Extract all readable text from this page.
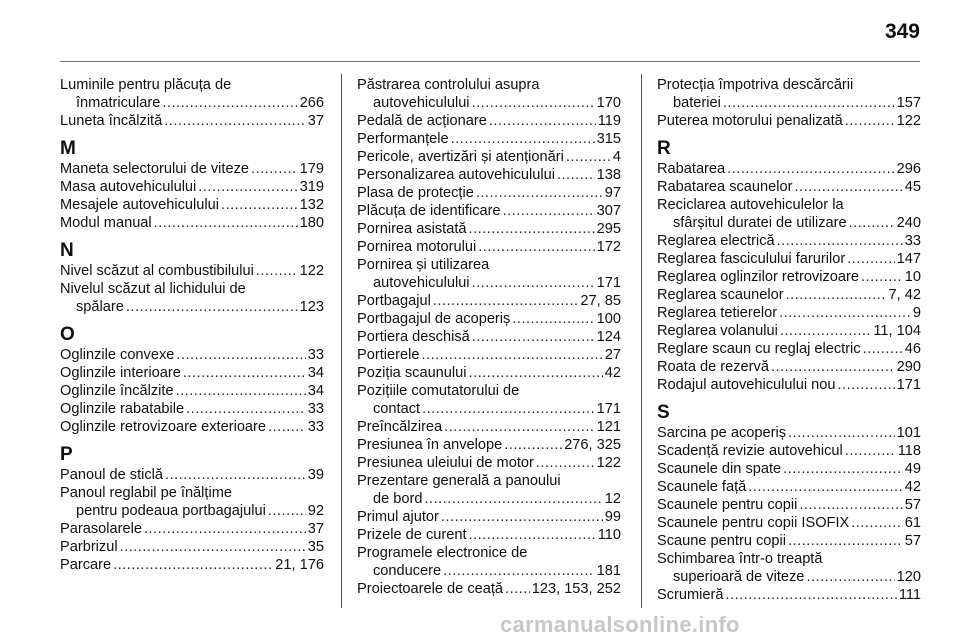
349
Luminile pentru plăcuța de
înmatriculare .....	266
Luneta încălzită .....	37
M
Maneta selectorului de viteze .....	179
Masa autovehiculului .....	319
Mesajele autovehiculului .....	132
Modul manual .....	180
N
Nivel scăzut al combustibilului .....	122
Nivelul scăzut al lichidului de
spălare .....	123
O
Oglinzile convexe .....	33
Oglinzile interioare .....	34
Oglinzile încălzite .....	34
Oglinzile rabatabile .....	33
Oglinzile retrovizoare exterioare .....	33
P
Panoul de sticlă .....	39
Panoul reglabil pe înălțime
pentru podeaua portbagajului .....	92
Parasolarele .....	37
Parbrizul .....	35
Parcare .....	21, 176
Păstrarea controlului asupra
autovehiculului .....	170
Pedală de acționare .....	119
Performanțele .....	315
Pericole, avertizări și atenționări .....	4
Personalizarea autovehiculului .....	138
Plasa de protecție .....	97
Plăcuța de identificare .....	307
Pornirea asistată .....	295
Pornirea motorului .....	172
Pornirea și utilizarea
autovehiculului .....	171
Portbagajul .....	27, 85
Portbagajul de acoperiș .....	100
Portiera deschisă .....	124
Portierele .....	27
Poziția scaunului .....	42
Pozițiile comutatorului de
contact .....	171
Preîncălzirea .....	121
Presiunea în anvelope .....	276, 325
Presiunea uleiului de motor .....	122
Prezentare generală a panoului
de bord .....	12
Primul ajutor .....	99
Prizele de curent .....	110
Programele electronice de
conducere .....	181
Proiectoarele de ceață ..... 123, 153, 252
Protecția împotriva descărcării
bateriei .....	157
Puterea motorului penalizată .....	122
R
Rabatarea .....	296
Rabatarea scaunelor .....	45
Reciclarea autovehiculelor la
sfârșitul duratei de utilizare .....	240
Reglarea electrică .....	33
Reglarea fasciculului farurilor .....	147
Reglarea oglinzilor retrovizoare .....	10
Reglarea scaunelor .....	7, 42
Reglarea tetierelor .....	9
Reglarea volanului .....	11, 104
Reglare scaun cu reglaj electric .....	46
Roata de rezervă .....	290
Rodajul autovehiculului nou .....	171
S
Sarcina pe acoperiș .....	101
Scadență revizie autovehicul .....	118
Scaunele din spate .....	49
Scaunele față .....	42
Scaunele pentru copii .....	57
Scaunele pentru copii ISOFIX .....	61
Scaune pentru copii .....	57
Schimbarea într-o treaptă
superioară de viteze .....	120
Scrumieră .....	111
carmanualsonline.info
